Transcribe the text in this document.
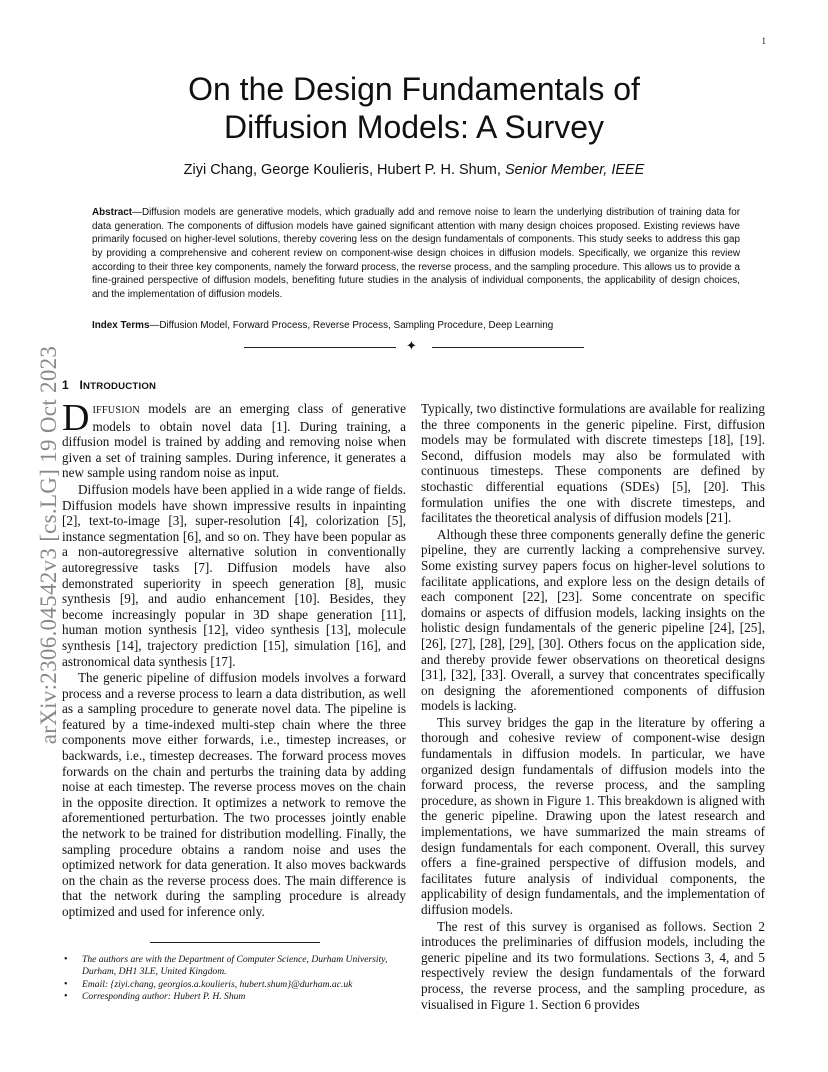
1
arXiv:2306.04542v3 [cs.LG] 19 Oct 2023
On the Design Fundamentals of
Diffusion Models: A Survey
Ziyi Chang, George Koulieris, Hubert P. H. Shum, Senior Member, IEEE
Abstract—Diffusion models are generative models, which gradually add and remove noise to learn the underlying distribution of training data for data generation. The components of diffusion models have gained significant attention with many design choices proposed. Existing reviews have primarily focused on higher-level solutions, thereby covering less on the design fundamentals of components. This study seeks to address this gap by providing a comprehensive and coherent review on component-wise design choices in diffusion models. Specifically, we organize this review according to their three key components, namely the forward process, the reverse process, and the sampling procedure. This allows us to provide a fine-grained perspective of diffusion models, benefiting future studies in the analysis of individual components, the applicability of design choices, and the implementation of diffusion models.
Index Terms—Diffusion Model, Forward Process, Reverse Process, Sampling Procedure, Deep Learning
✦
1 INTRODUCTION

DIFFUSION models are an emerging class of generative models to obtain novel data [1]. During training, a diffusion model is trained by adding and removing noise when given a set of training samples. During inference, it generates a new sample using random noise as input.

Diffusion models have been applied in a wide range of fields. Diffusion models have shown impressive results in inpainting [2], text-to-image [3], super-resolution [4], colorization [5], instance segmentation [6], and so on. They have been popular as a non-autoregressive alternative solution in conventionally autoregressive tasks [7]. Diffusion models have also demonstrated superiority in speech generation [8], music synthesis [9], and audio enhancement [10]. Besides, they become increasingly popular in 3D shape generation [11], human motion synthesis [12], video synthesis [13], molecule synthesis [14], trajectory prediction [15], simulation [16], and astronomical data synthesis [17].

The generic pipeline of diffusion models involves a forward process and a reverse process to learn a data distribution, as well as a sampling procedure to generate novel data. The pipeline is featured by a time-indexed multi-step chain where the three components move either forwards, i.e., timestep increases, or backwards, i.e., timestep decreases. The forward process moves forwards on the chain and perturbs the training data by adding noise at each timestep. The reverse process moves on the chain in the opposite direction. It optimizes a network to remove the aforementioned perturbation. The two processes jointly enable the network to be trained for distribution modelling. Finally, the sampling procedure obtains a random noise and uses the optimized network for data generation. It also moves backwards on the chain as the reverse process does. The main difference is that the network during the sampling procedure is already optimized and used for inference only.

Typically, two distinctive formulations are available for realizing the three components in the generic pipeline. First, diffusion models may be formulated with discrete timesteps [18], [19]. Second, diffusion models may also be formulated with continuous timesteps. These components are defined by stochastic differential equations (SDEs) [5], [20]. This formulation unifies the one with discrete timesteps, and facilitates the theoretical analysis of diffusion models [21].

Although these three components generally define the generic pipeline, they are currently lacking a comprehensive survey. Some existing survey papers focus on higher-level solutions to facilitate applications, and explore less on the design details of each component [22], [23]. Some concentrate on specific domains or aspects of diffusion models, lacking insights on the holistic design fundamentals of the generic pipeline [24], [25], [26], [27], [28], [29], [30]. Others focus on the application side, and thereby provide fewer observations on theoretical designs [31], [32], [33]. Overall, a survey that concentrates specifically on designing the aforementioned components of diffusion models is lacking.

This survey bridges the gap in the literature by offering a thorough and cohesive review of component-wise design fundamentals in diffusion models. In particular, we have organized design fundamentals of diffusion models into the forward process, the reverse process, and the sampling procedure, as shown in Figure 1. This breakdown is aligned with the generic pipeline. Drawing upon the latest research and implementations, we have summarized the main streams of design fundamentals for each component. Overall, this survey offers a fine-grained perspective of diffusion models, and facilitates future analysis of individual components, the applicability of design fundamentals, and the implementation of diffusion models.

The rest of this survey is organised as follows. Section 2 introduces the preliminaries of diffusion models, including the generic pipeline and its two formulations. Sections 3, 4, and 5 respectively review the design fundamentals of the forward process, the reverse process, and the sampling procedure, as visualised in Figure 1. Section 6 provides

• The authors are with the Department of Computer Science, Durham University, Durham, DH1 3LE, United Kingdom.
• Email: {ziyi.chang, georgios.a.koulieris, hubert.shum}@durham.ac.uk
• Corresponding author: Hubert P. H. Shum
